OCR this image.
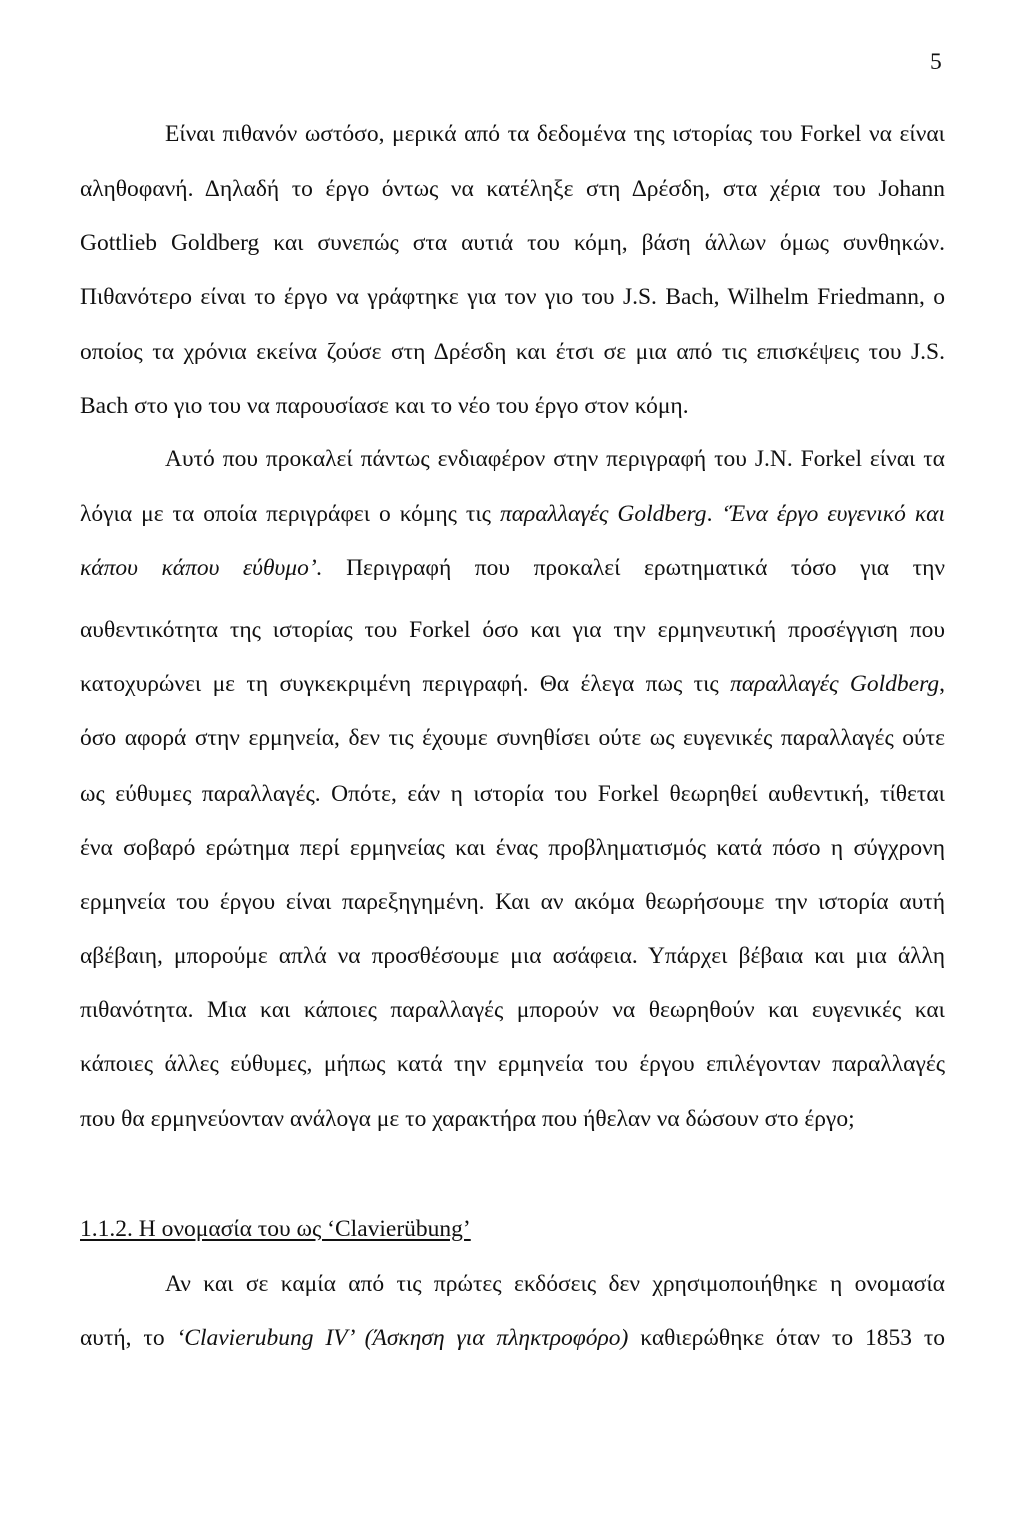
5
Είναι πιθανόν ωστόσο, μερικά από τα δεδομένα της ιστορίας του Forkel να είναι
αληθοφανή. Δηλαδή το έργο όντως να κατέληξε στη Δρέσδη, στα χέρια του Johann
Gottlieb Goldberg και συνεπώς στα αυτιά του κόμη, βάση άλλων όμως συνθηκών.
Πιθανότερο είναι το έργο να γράφτηκε για τον γιο του J.S. Bach, Wilhelm Friedmann, ο
οποίος τα χρόνια εκείνα ζούσε στη Δρέσδη και έτσι σε μια από τις επισκέψεις του J.S.
Bach στο γιο του να παρουσίασε και το νέο του έργο στον κόμη.
Αυτό που προκαλεί πάντως ενδιαφέρον στην περιγραφή του J.N. Forkel είναι τα
λόγια με τα οποία περιγράφει ο κόμης τις παραλλαγές Goldberg. ‘Ένα έργο ευγενικό και
κάπου κάπου εύθυμο’. Περιγραφή που προκαλεί ερωτηματικά τόσο για την
αυθεντικότητα της ιστορίας του Forkel όσο και για την ερμηνευτική προσέγγιση που
κατοχυρώνει με τη συγκεκριμένη περιγραφή. Θα έλεγα πως τις παραλλαγές Goldberg,
όσο αφορά στην ερμηνεία, δεν τις έχουμε συνηθίσει ούτε ως ευγενικές παραλλαγές ούτε
ως εύθυμες παραλλαγές. Οπότε, εάν η ιστορία του Forkel θεωρηθεί αυθεντική, τίθεται
ένα σοβαρό ερώτημα περί ερμηνείας και ένας προβληματισμός κατά πόσο η σύγχρονη
ερμηνεία του έργου είναι παρεξηγημένη. Και αν ακόμα θεωρήσουμε την ιστορία αυτή
αβέβαιη, μπορούμε απλά να προσθέσουμε μια ασάφεια. Υπάρχει βέβαια και μια άλλη
πιθανότητα. Μια και κάποιες παραλλαγές μπορούν να θεωρηθούν και ευγενικές και
κάποιες άλλες εύθυμες, μήπως κατά την ερμηνεία του έργου επιλέγονταν παραλλαγές
που θα ερμηνεύονταν ανάλογα με το χαρακτήρα που ήθελαν να δώσουν στο έργο;
1.1.2. Η ονομασία του ως ‘Clavierübung’
Αν και σε καμία από τις πρώτες εκδόσεις δεν χρησιμοποιήθηκε η ονομασία
αυτή, το ‘Clavierubung IV’ (Άσκηση για πληκτροφόρο) καθιερώθηκε όταν το 1853 το
